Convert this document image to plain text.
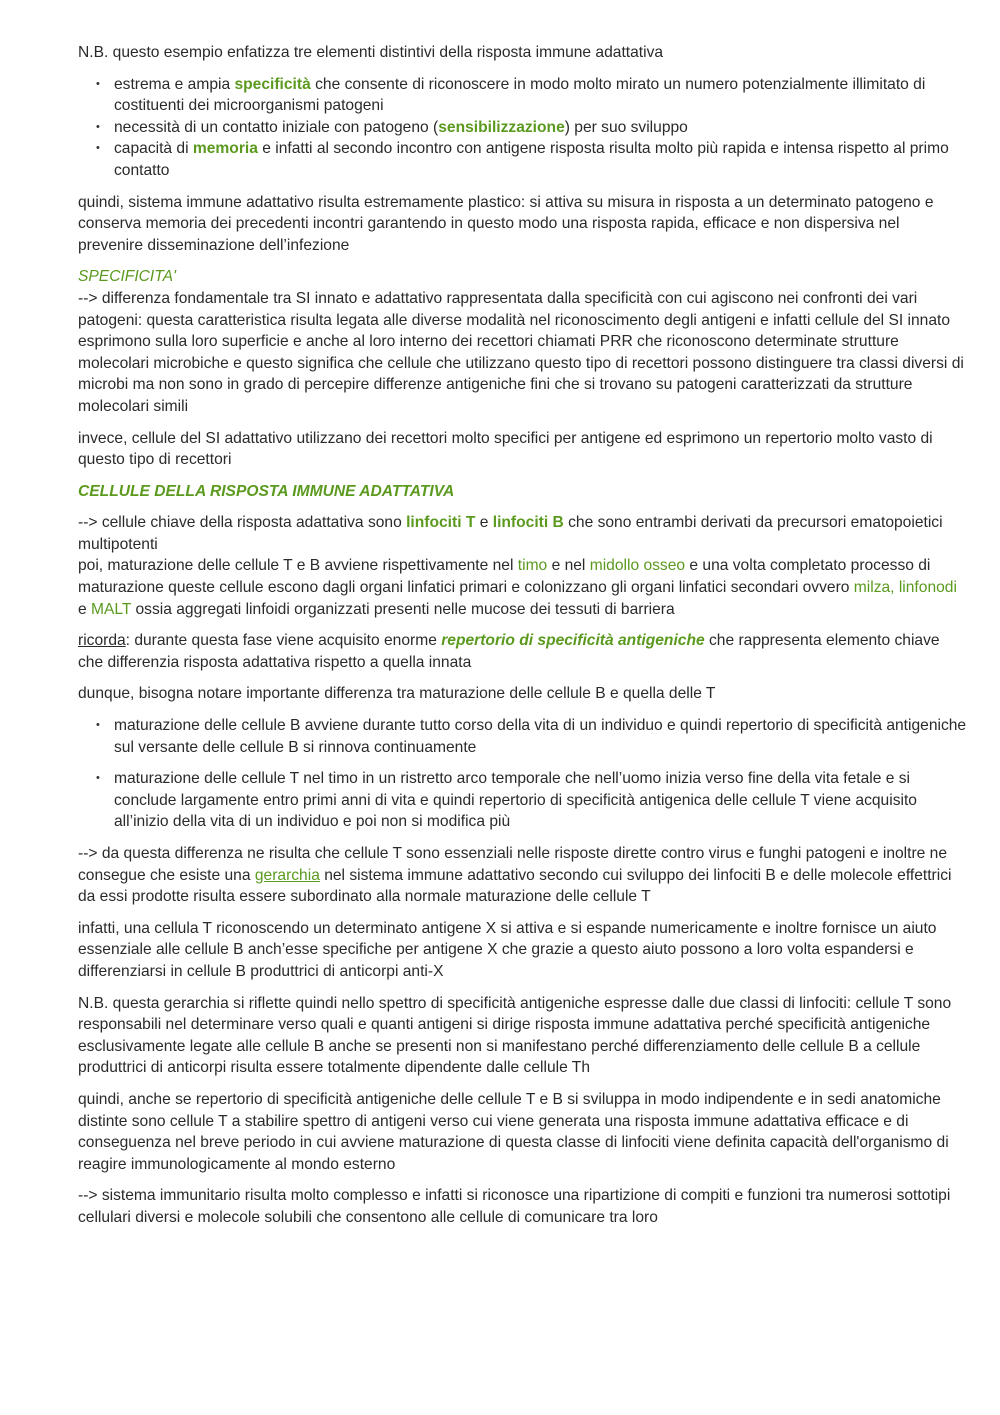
N.B. questo esempio enfatizza tre elementi distintivi della risposta immune adattativa

• estrema e ampia specificità che consente di riconoscere in modo molto mirato un numero potenzialmente illimitato di costituenti dei microorganismi patogeni
• necessità di un contatto iniziale con patogeno (sensibilizzazione) per suo sviluppo
• capacità di memoria e infatti al secondo incontro con antigene risposta risulta molto più rapida e intensa rispetto al primo contatto

quindi, sistema immune adattativo risulta estremamente plastico: si attiva su misura in risposta a un determinato patogeno e conserva memoria dei precedenti incontri garantendo in questo modo una risposta rapida, efficace e non dispersiva nel prevenire disseminazione dell’infezione

SPECIFICITA'
--> differenza fondamentale tra SI innato e adattativo rappresentata dalla specificità con cui agiscono nei confronti dei vari patogeni: questa caratteristica risulta legata alle diverse modalità nel riconoscimento degli antigeni e infatti cellule del SI innato esprimono sulla loro superficie e anche al loro interno dei recettori chiamati PRR che riconoscono determinate strutture molecolari microbiche e questo significa che cellule che utilizzano questo tipo di recettori possono distinguere tra classi diversi di microbi ma non sono in grado di percepire differenze antigeniche fini che si trovano su patogeni caratterizzati da strutture molecolari simili

invece, cellule del SI adattativo utilizzano dei recettori molto specifici per antigene ed esprimono un repertorio molto vasto di questo tipo di recettori

CELLULE DELLA RISPOSTA IMMUNE ADATTATIVA

--> cellule chiave della risposta adattativa sono linfociti T e linfociti B che sono entrambi derivati da precursori ematopoietici multipotenti
poi, maturazione delle cellule T e B avviene rispettivamente nel timo e nel midollo osseo e una volta completato processo di maturazione queste cellule escono dagli organi linfatici primari e colonizzano gli organi linfatici secondari ovvero milza, linfonodi e MALT ossia aggregati linfoidi organizzati presenti nelle mucose dei tessuti di barriera

ricorda: durante questa fase viene acquisito enorme repertorio di specificità antigeniche che rappresenta elemento chiave che differenzia risposta adattativa rispetto a quella innata

dunque, bisogna notare importante differenza tra maturazione delle cellule B e quella delle T

• maturazione delle cellule B avviene durante tutto corso della vita di un individuo e quindi repertorio di specificità antigeniche sul versante delle cellule B si rinnova continuamente
• maturazione delle cellule T nel timo in un ristretto arco temporale che nell’uomo inizia verso fine della vita fetale e si conclude largamente entro primi anni di vita e quindi repertorio di specificità antigenica delle cellule T viene acquisito all’inizio della vita di un individuo e poi non si modifica più

--> da questa differenza ne risulta che cellule T sono essenziali nelle risposte dirette contro virus e funghi patogeni e inoltre ne consegue che esiste una gerarchia nel sistema immune adattativo secondo cui sviluppo dei linfociti B e delle molecole effettrici da essi prodotte risulta essere subordinato alla normale maturazione delle cellule T

infatti, una cellula T riconoscendo un determinato antigene X si attiva e si espande numericamente e inoltre fornisce un aiuto essenziale alle cellule B anch’esse specifiche per antigene X che grazie a questo aiuto possono a loro volta espandersi e differenziarsi in cellule B produttrici di anticorpi anti-X

N.B. questa gerarchia si riflette quindi nello spettro di specificità antigeniche espresse dalle due classi di linfociti: cellule T sono responsabili nel determinare verso quali e quanti antigeni si dirige risposta immune adattativa perché specificità antigeniche esclusivamente legate alle cellule B anche se presenti non si manifestano perché differenziamento delle cellule B a cellule produttrici di anticorpi risulta essere totalmente dipendente dalle cellule Th

quindi, anche se repertorio di specificità antigeniche delle cellule T e B si sviluppa in modo indipendente e in sedi anatomiche distinte sono cellule T a stabilire spettro di antigeni verso cui viene generata una risposta immune adattativa efficace e di conseguenza nel breve periodo in cui avviene maturazione di questa classe di linfociti viene definita capacità dell'organismo di reagire immunologicamente al mondo esterno

--> sistema immunitario risulta molto complesso e infatti si riconosce una ripartizione di compiti e funzioni tra numerosi sottotipi cellulari diversi e molecole solubili che consentono alle cellule di comunicare tra loro
